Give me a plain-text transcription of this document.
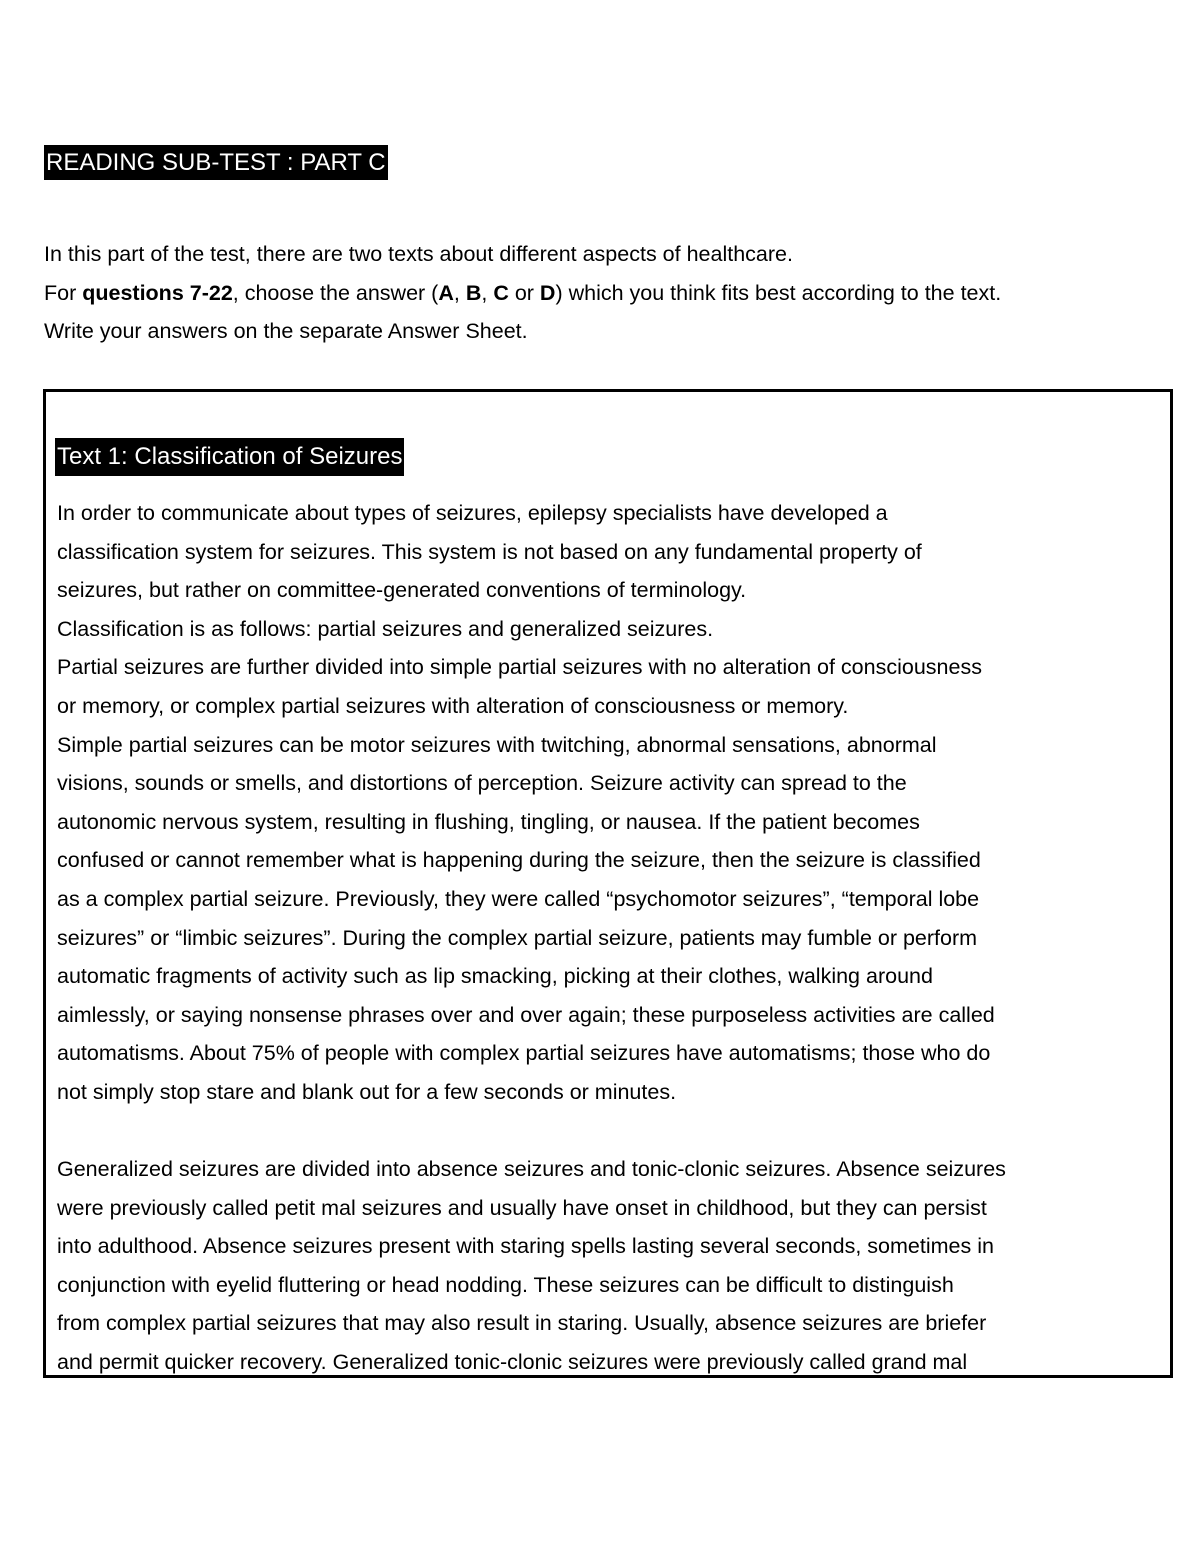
READING SUB-TEST : PART C
In this part of the test, there are two texts about different aspects of healthcare.
For questions 7-22, choose the answer (A, B, C or D) which you think fits best according to the text.
Write your answers on the separate Answer Sheet.
Text 1: Classification of Seizures
In order to communicate about types of seizures, epilepsy specialists have developed a
classification system for seizures. This system is not based on any fundamental property of
seizures, but rather on committee-generated conventions of terminology.
Classification is as follows: partial seizures and generalized seizures.
Partial seizures are further divided into simple partial seizures with no alteration of consciousness
or memory, or complex partial seizures with alteration of consciousness or memory.
Simple partial seizures can be motor seizures with twitching, abnormal sensations, abnormal
visions, sounds or smells, and distortions of perception. Seizure activity can spread to the
autonomic nervous system, resulting in flushing, tingling, or nausea. If the patient becomes
confused or cannot remember what is happening during the seizure, then the seizure is classified
as a complex partial seizure. Previously, they were called “psychomotor seizures”, “temporal lobe
seizures” or “limbic seizures”. During the complex partial seizure, patients may fumble or perform
automatic fragments of activity such as lip smacking, picking at their clothes, walking around
aimlessly, or saying nonsense phrases over and over again; these purposeless activities are called
automatisms. About 75% of people with complex partial seizures have automatisms; those who do
not simply stop stare and blank out for a few seconds or minutes.
Generalized seizures are divided into absence seizures and tonic-clonic seizures. Absence seizures
were previously called petit mal seizures and usually have onset in childhood, but they can persist
into adulthood. Absence seizures present with staring spells lasting several seconds, sometimes in
conjunction with eyelid fluttering or head nodding. These seizures can be difficult to distinguish
from complex partial seizures that may also result in staring. Usually, absence seizures are briefer
and permit quicker recovery. Generalized tonic-clonic seizures were previously called grand mal
